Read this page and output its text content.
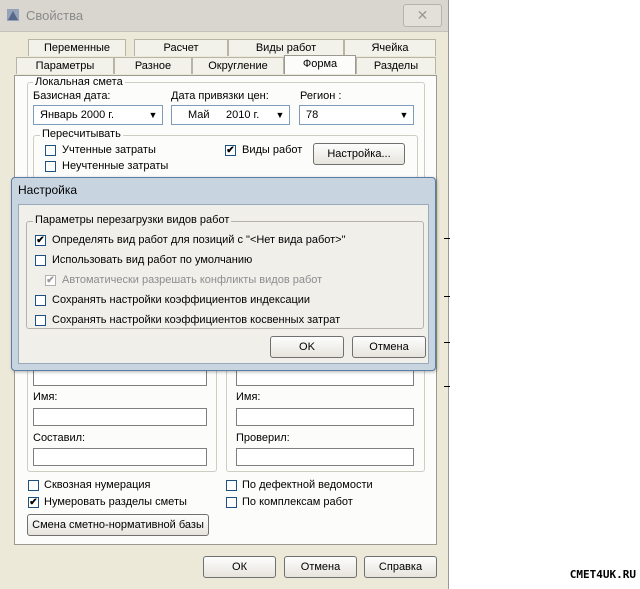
Свойства	✕
Переменные	Расчет	Виды работ	Ячейка
Параметры	Разное	Округление	Форма	Разделы
Локальная смета
Базисная дата:
Январь 2000 г.	▼
Дата привязки цен:
Май 2010 г.	▼
Регион :
78	▼
Пересчитывать
Учтенные затраты
Неучтенные затраты
✔ Виды работ	Настройка...
Имя:
Составил:
Имя:
Проверил:
Сквозная нумерация
✔ Нумеровать разделы сметы
По дефектной ведомости
По комплексам работ
Смена сметно-нормативной базы
ОК	Отмена	Справка
Настройка
Параметры перезагрузки видов работ
✔ Определять вид работ для позиций с "<Нет вида работ>"
Использовать вид работ по умолчанию
✔ Автоматически разрешать конфликты видов работ
Сохранять настройки коэффициентов индексации
Сохранять настройки коэффициентов косвенных затрат
OK	Отмена
СМЕТ4UK.RU
